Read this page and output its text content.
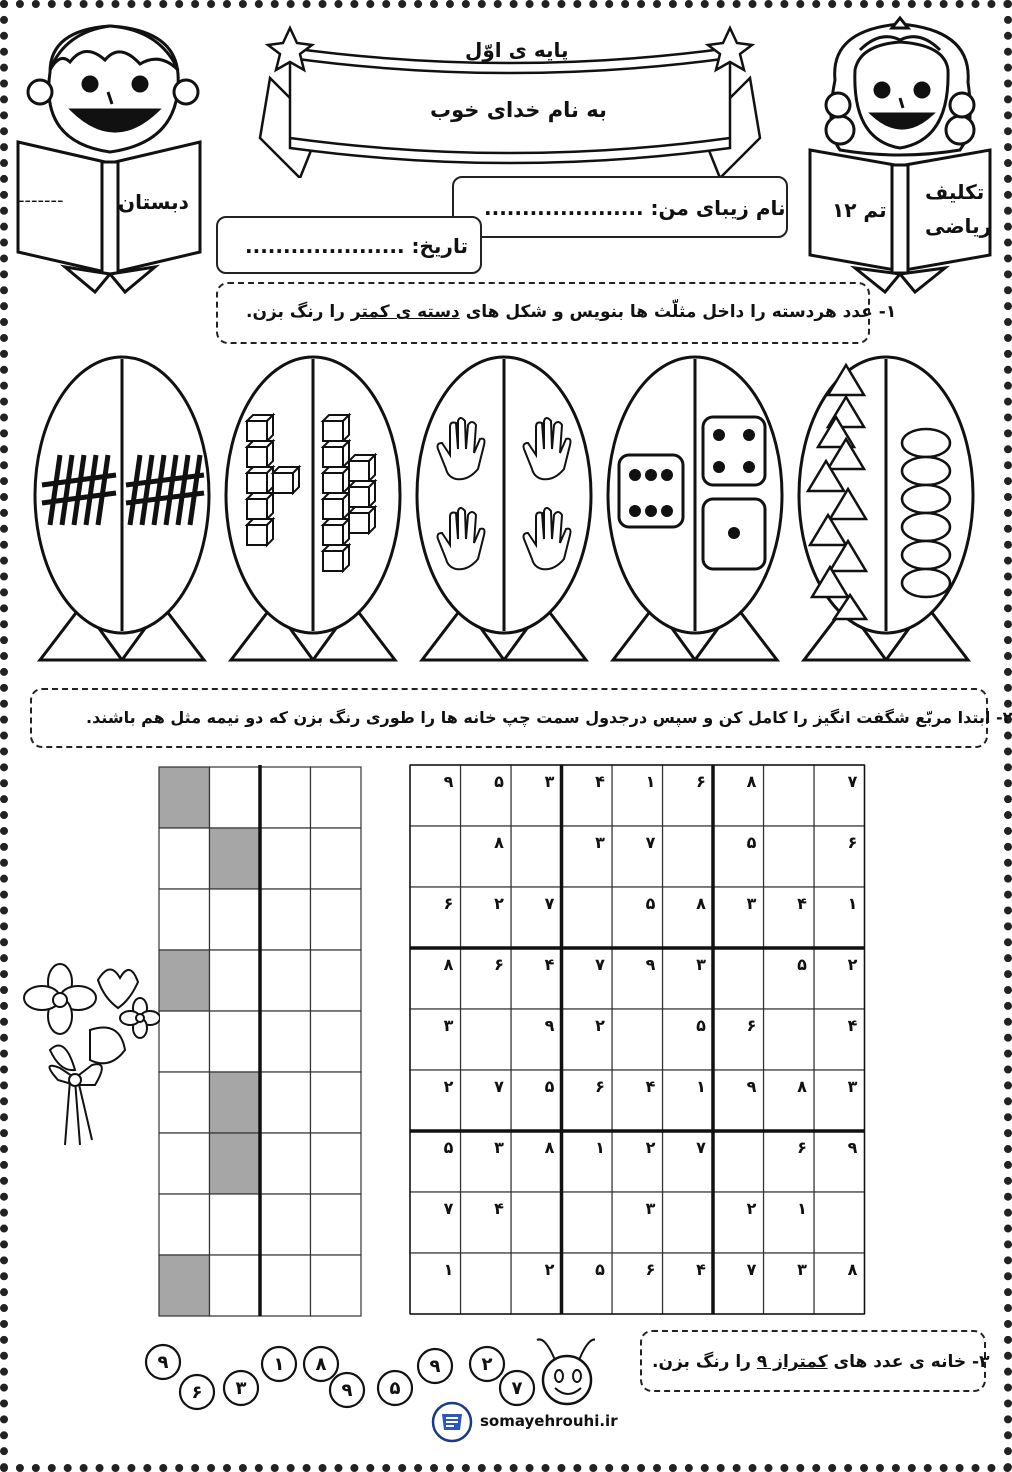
دبستان
-------	تکلیف
تم ۱۲
ریاضی
پایه ی اوّل
به نام خدای خوب
نام زیبای من: .....................
تاریخ: .....................
۱- عدد هردسته را داخل مثلّث ها بنویس و شکل های دسته ی کمتر را رنگ بزن.
۲- ابتدا مربّع شگفت انگیز را کامل کن و سپس درجدول سمت چپ خانه ها را طوری رنگ بزن که دو نیمه مثل هم باشند.
۷
۸
۶
۱
۴
۳
۵
۹
۶
۵
۷
۳
۸
۱
۴
۳
۸
۵
۷
۲
۶
۲
۵
۳
۹
۷
۴
۶
۸
۴
۶
۵
۲
۹
۳
۳
۸
۹
۱
۴
۶
۵
۷
۲
۹
۶
۷
۲
۱
۸
۳
۵
۱
۲
۳
۴
۷
۸
۳
۷
۴
۶
۵
۲
۱
۷
۲
۹
۵
۹
۸
۱
۳
۶
۹	۳- خانه ی عدد های کمتراز ۹ را رنگ بزن.
somayehrouhi.ir
